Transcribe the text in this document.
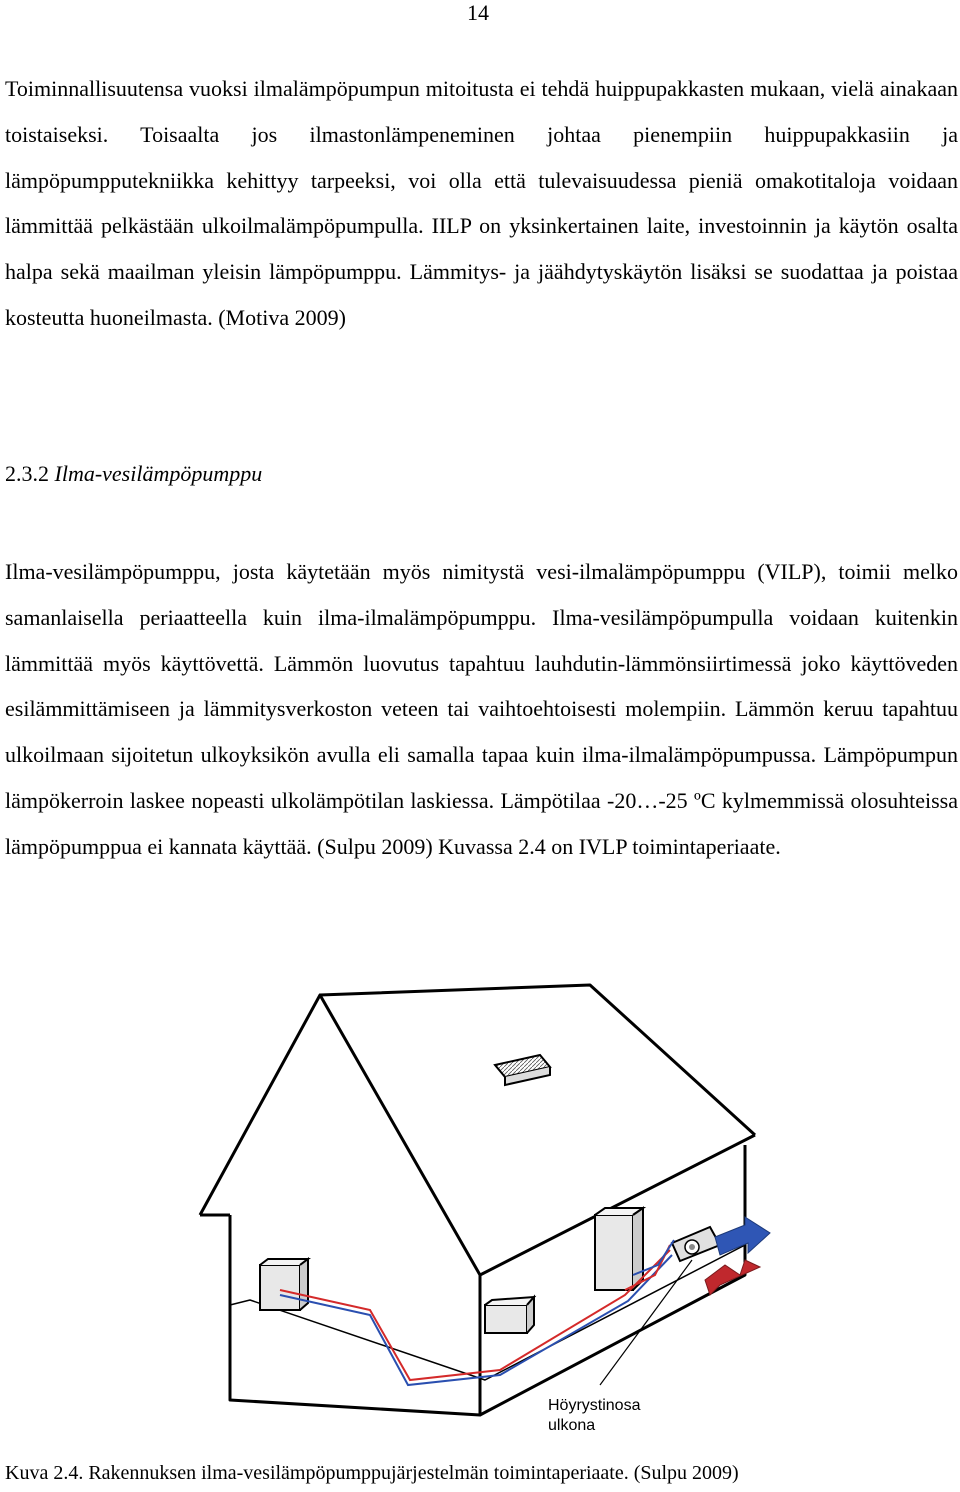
14

Toiminnallisuutensa vuoksi ilmalämpöpumpun mitoitusta ei tehdä huippupakkasten mukaan, vielä ainakaan toistaiseksi. Toisaalta jos ilmastonlämpeneminen johtaa pienempiin huippupakkasiin ja lämpöpumpputekniikka kehittyy tarpeeksi, voi olla että tulevaisuudessa pieniä omakotitaloja voidaan lämmittää pelkästään ulkoilmalämpöpumpulla. IILP on yksinkertainen laite, investoinnin ja käytön osalta halpa sekä maailman yleisin lämpöpumppu. Lämmitys- ja jäähdytyskäytön lisäksi se suodattaa ja poistaa kosteutta huoneilmasta. (Motiva 2009)

2.3.2 Ilma-vesilämpöpumppu

Ilma-vesilämpöpumppu, josta käytetään myös nimitystä vesi-ilmalämpöpumppu (VILP), toimii melko samanlaisella periaatteella kuin ilma-ilmalämpöpumppu. Ilma-vesilämpöpumpulla voidaan kuitenkin lämmittää myös käyttövettä. Lämmön luovutus tapahtuu lauhdutin-lämmönsiirtimessä joko käyttöveden esilämmittämiseen ja lämmitysverkoston veteen tai vaihtoehtoisesti molempiin. Lämmön keruu tapahtuu ulkoilmaan sijoitetun ulkoyksikön avulla eli samalla tapaa kuin ilma-ilmalämpöpumpussa. Lämpöpumpun lämpökerroin laskee nopeasti ulkolämpötilan laskiessa. Lämpötilaa -20…-25 ºC kylmemmissä olosuhteissa lämpöpumppua ei kannata käyttää. (Sulpu 2009) Kuvassa 2.4 on IVLP toimintaperiaate.

Höyrystinosa
ulkona

Kuva 2.4. Rakennuksen ilma-vesilämpöpumppujärjestelmän toimintaperiaate. (Sulpu 2009)
